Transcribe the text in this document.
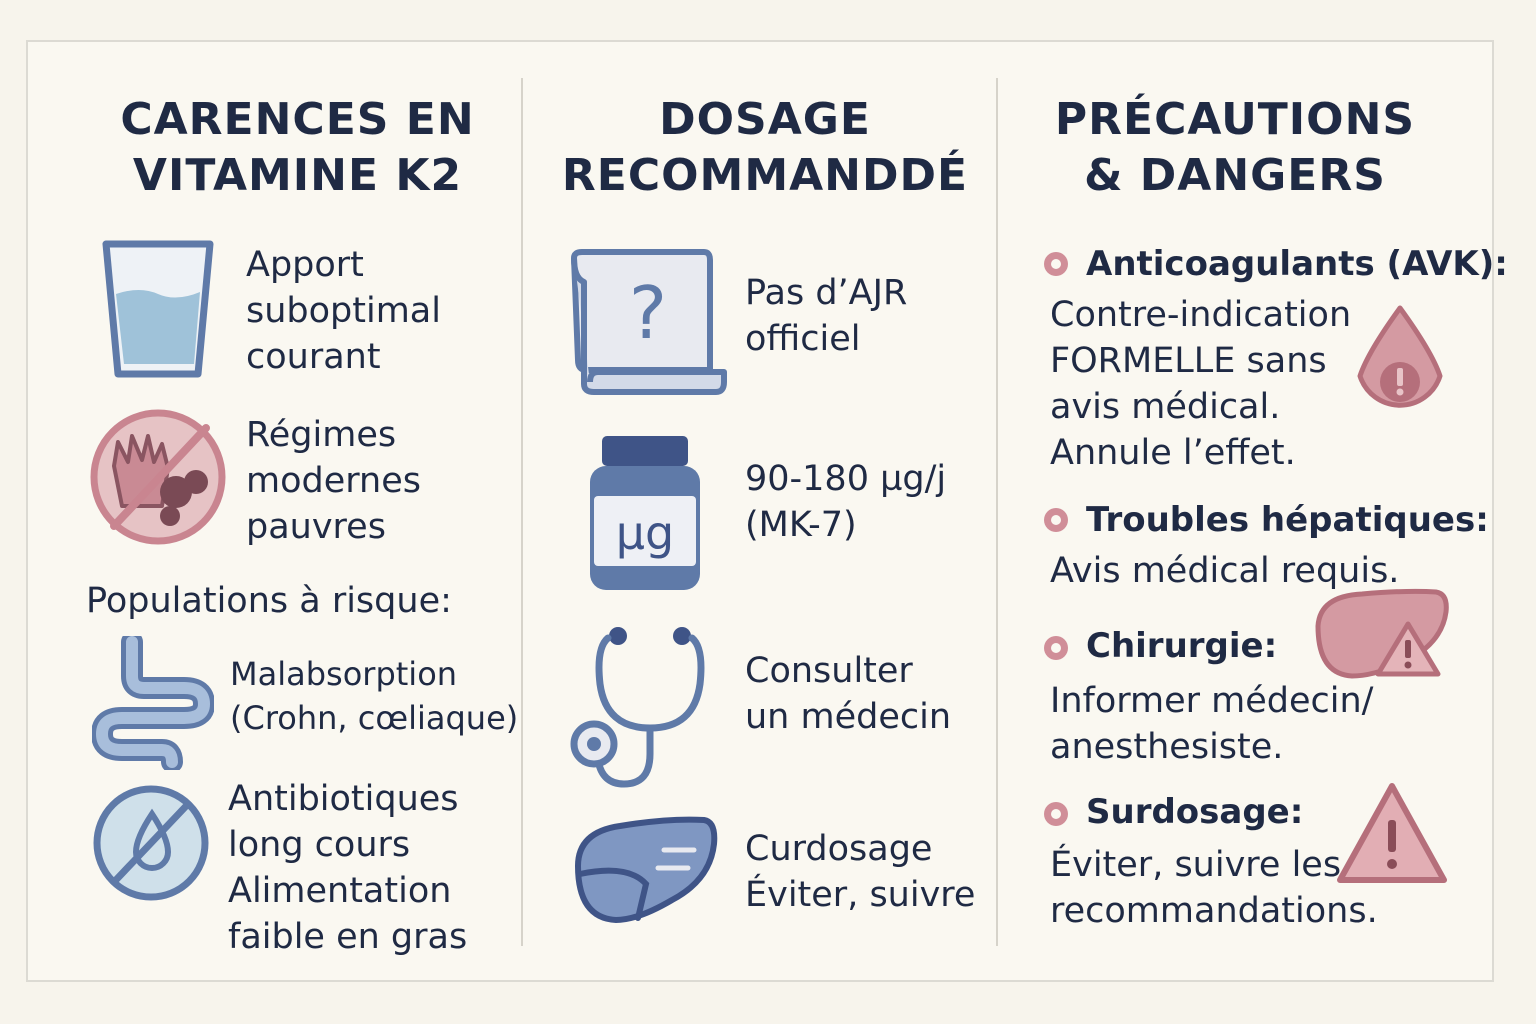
CARENCES EN
VITAMINE K2
Apport
suboptimal
courant
Régimes
modernes
pauvres
Populations à risque:
Malabsorption
(Crohn, cœliaque)
Antibiotiques
long cours
Alimentation
faible en gras
DOSAGE
RECOMMANDDÉ
? Pas d’AJR
officiel
µg
90-180 µg/j
(MK-7)
Consulter
un médecin
Curdosage
Éviter, suivre
PRÉCAUTIONS
& DANGERS
Anticoagulants (AVK):
Contre-indication
FORMELLE sans
avis médical.
Annule l’effet.
Troubles hépatiques:
Avis médical requis.
Chirurgie:
Informer médecin/
anesthesiste.
Surdosage:
Éviter, suivre les
recommandations.
